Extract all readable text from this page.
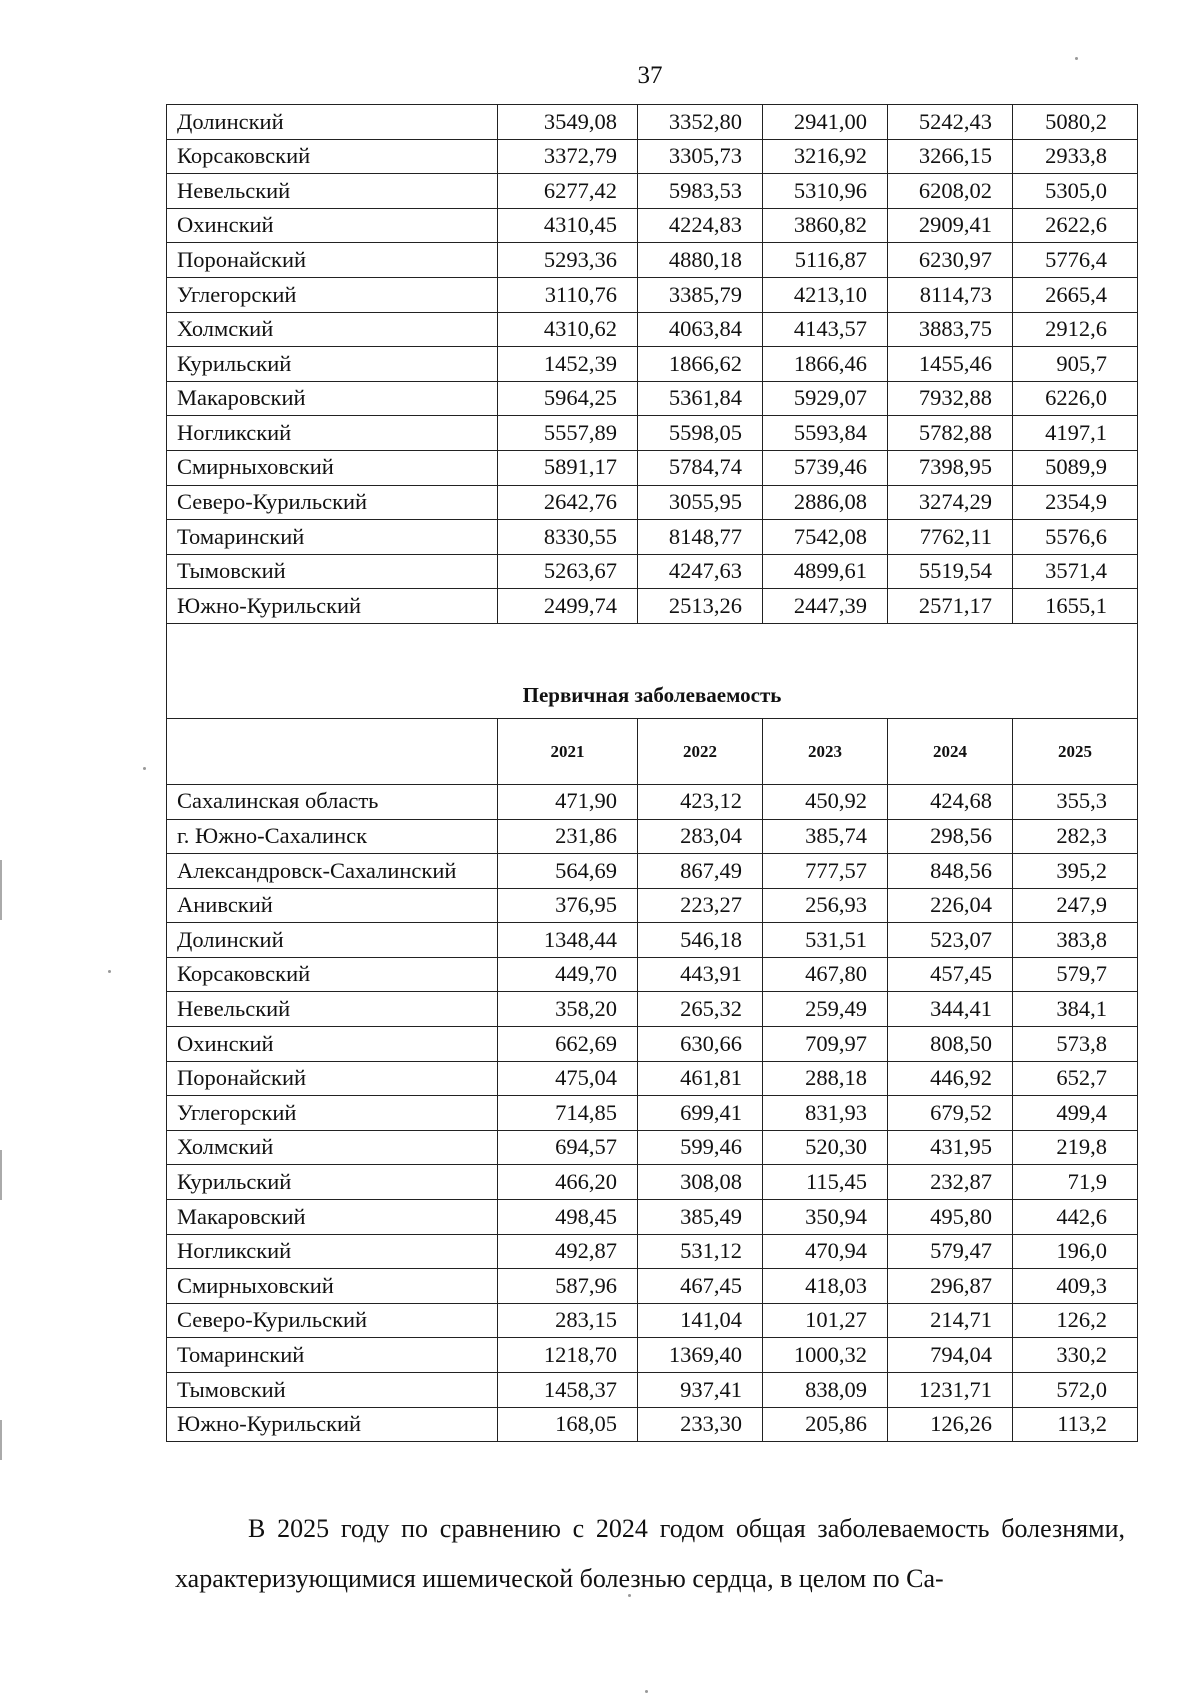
37
Долинский	3549,08	3352,80	2941,00	5242,43	5080,2
Корсаковский	3372,79	3305,73	3216,92	3266,15	2933,8
Невельский	6277,42	5983,53	5310,96	6208,02	5305,0
Охинский	4310,45	4224,83	3860,82	2909,41	2622,6
Поронайский	5293,36	4880,18	5116,87	6230,97	5776,4
Углегорский	3110,76	3385,79	4213,10	8114,73	2665,4
Холмский	4310,62	4063,84	4143,57	3883,75	2912,6
Курильский	1452,39	1866,62	1866,46	1455,46	905,7
Макаровский	5964,25	5361,84	5929,07	7932,88	6226,0
Ногликский	5557,89	5598,05	5593,84	5782,88	4197,1
Смирныховский	5891,17	5784,74	5739,46	7398,95	5089,9
Северо-Курильский	2642,76	3055,95	2886,08	3274,29	2354,9
Томаринский	8330,55	8148,77	7542,08	7762,11	5576,6
Тымовский	5263,67	4247,63	4899,61	5519,54	3571,4
Южно-Курильский	2499,74	2513,26	2447,39	2571,17	1655,1
Первичная заболеваемость					
	2021	2022	2023	2024	2025
Сахалинская область	471,90	423,12	450,92	424,68	355,3
г. Южно-Сахалинск	231,86	283,04	385,74	298,56	282,3
Александровск-Сахалинский	564,69	867,49	777,57	848,56	395,2
Анивский	376,95	223,27	256,93	226,04	247,9
Долинский	1348,44	546,18	531,51	523,07	383,8
Корсаковский	449,70	443,91	467,80	457,45	579,7
Невельский	358,20	265,32	259,49	344,41	384,1
Охинский	662,69	630,66	709,97	808,50	573,8
Поронайский	475,04	461,81	288,18	446,92	652,7
Углегорский	714,85	699,41	831,93	679,52	499,4
Холмский	694,57	599,46	520,30	431,95	219,8
Курильский	466,20	308,08	115,45	232,87	71,9
Макаровский	498,45	385,49	350,94	495,80	442,6
Ногликский	492,87	531,12	470,94	579,47	196,0
Смирныховский	587,96	467,45	418,03	296,87	409,3
Северо-Курильский	283,15	141,04	101,27	214,71	126,2
Томаринский	1218,70	1369,40	1000,32	794,04	330,2
Тымовский	1458,37	937,41	838,09	1231,71	572,0
Южно-Курильский	168,05	233,30	205,86	126,26	113,2

В 2025 году по сравнению с 2024 годом общая заболеваемость болезнями, характеризующимися ишемической болезнью сердца, в целом по Са-
